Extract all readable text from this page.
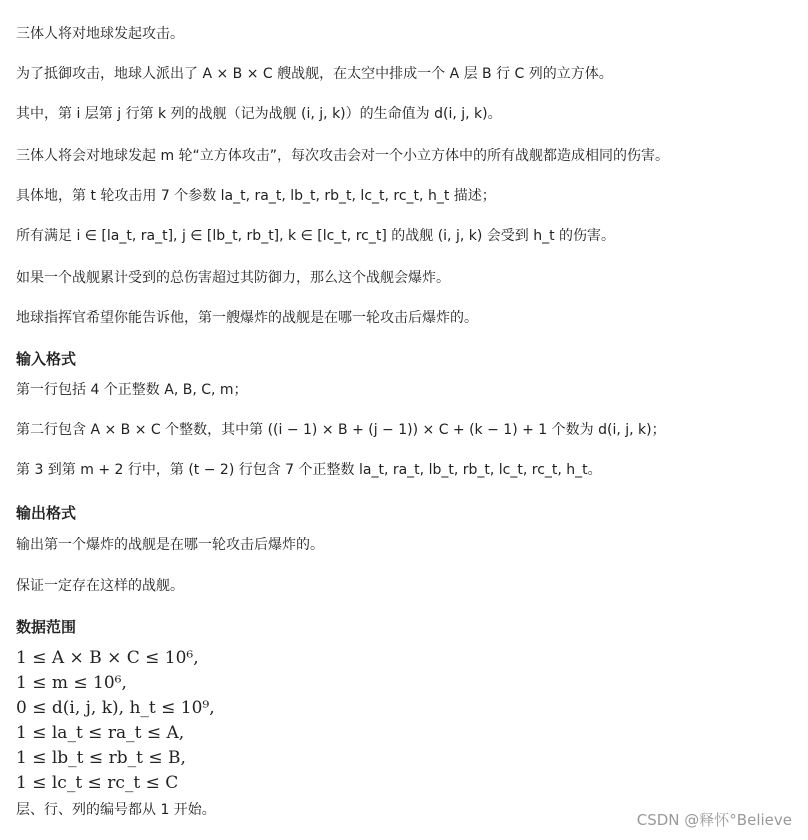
三体人将对地球发起攻击。

为了抵御攻击，地球人派出了 A × B × C 艘战舰，在太空中排成一个 A 层 B 行 C 列的立方体。

其中，第 i 层第 j 行第 k 列的战舰（记为战舰 (i, j, k)）的生命值为 d(i, j, k)。

三体人将会对地球发起 m 轮“立方体攻击”，每次攻击会对一个小立方体中的所有战舰都造成相同的伤害。

具体地，第 t 轮攻击用 7 个参数 la_t, ra_t, lb_t, rb_t, lc_t, rc_t, h_t 描述；

所有满足 i ∈ [la_t, ra_t], j ∈ [lb_t, rb_t], k ∈ [lc_t, rc_t] 的战舰 (i, j, k) 会受到 h_t 的伤害。

如果一个战舰累计受到的总伤害超过其防御力，那么这个战舰会爆炸。

地球指挥官希望你能告诉他，第一艘爆炸的战舰是在哪一轮攻击后爆炸的。

输入格式

第一行包括 4 个正整数 A, B, C, m；

第二行包含 A × B × C 个整数，其中第 ((i − 1) × B + (j − 1)) × C + (k − 1) + 1 个数为 d(i, j, k)；

第 3 到第 m + 2 行中，第 (t − 2) 行包含 7 个正整数 la_t, ra_t, lb_t, rb_t, lc_t, rc_t, h_t。

输出格式

输出第一个爆炸的战舰是在哪一轮攻击后爆炸的。

保证一定存在这样的战舰。

数据范围
1 ≤ A × B × C ≤ 10⁶,
1 ≤ m ≤ 10⁶,
0 ≤ d(i, j, k), h_t ≤ 10⁹,
1 ≤ la_t ≤ ra_t ≤ A,
1 ≤ lb_t ≤ rb_t ≤ B,
1 ≤ lc_t ≤ rc_t ≤ C

层、行、列的编号都从 1 开始。

CSDN @释怀°Believe
